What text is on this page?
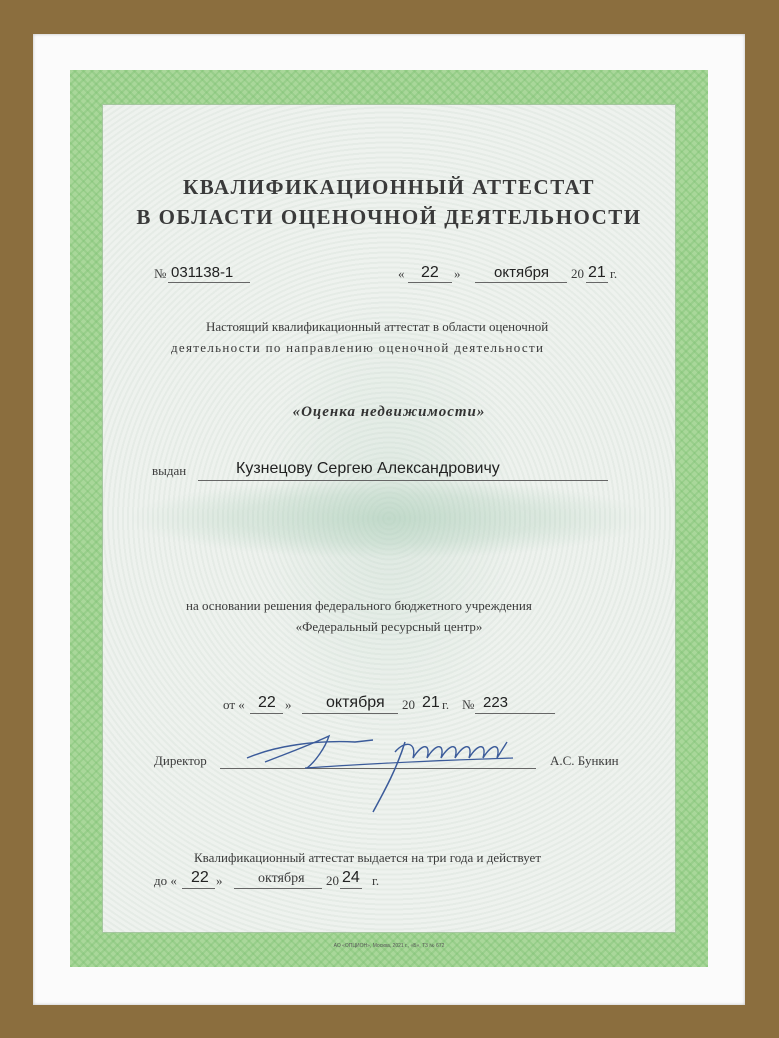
КВАЛИФИКАЦИОННЫЙ АТТЕСТАТ
В ОБЛАСТИ ОЦЕНОЧНОЙ ДЕЯТЕЛЬНОСТИ
№ 031138-1	« 22 » октября 20 21 г.
Настоящий квалификационный аттестат в области оценочной
деятельности по направлению оценочной деятельности
«Оценка недвижимости»
выдан	Кузнецову Сергею Александровичу
на основании решения федерального бюджетного учреждения
«Федеральный ресурсный центр»
от « 22 » октября 20 21 г. № 223
Директор	А.С. Бункин
Квалификационный аттестат выдается на три года и действует
до « 22 »	октября 20 24 г.
АО «ОПЦИОН», Москва, 2021 г., «Б», Т3 № 672
